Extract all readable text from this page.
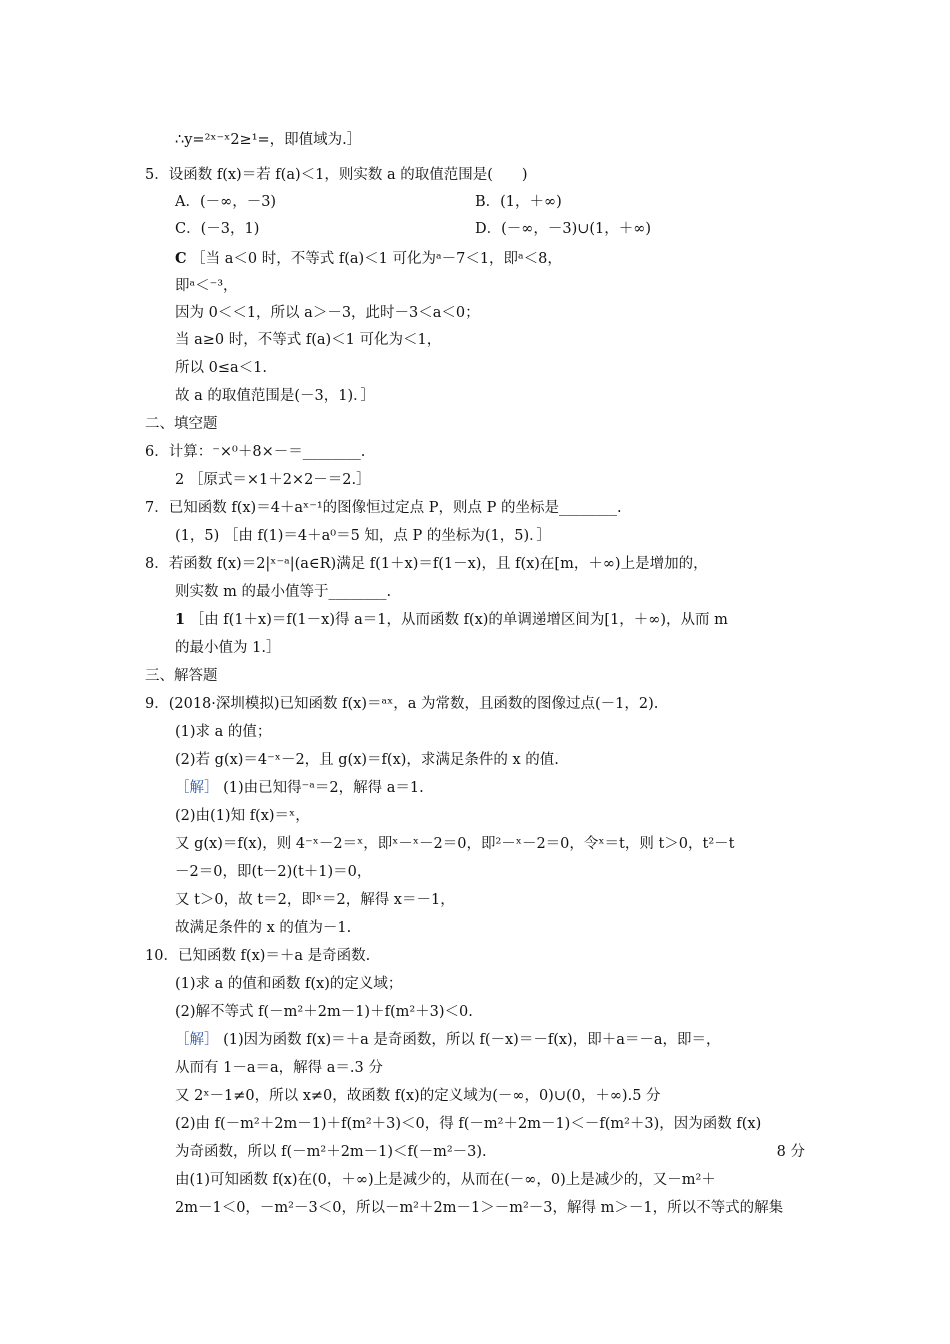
∴y=²ˣ⁻ˣ2≥¹=，即值域为.］
5．设函数 f(x)＝若 f(a)＜1，则实数 a 的取值范围是(　　)
A．(－∞，－3)	B．(1，＋∞)
C．(－3，1)	D．(－∞，－3)∪(1，＋∞)
C ［当 a＜0 时，不等式 f(a)＜1 可化为ᵃ－7＜1，即ᵃ＜8，
即ᵃ＜⁻³，
因为 0＜＜1，所以 a＞－3，此时－3＜a＜0；
当 a≥0 时，不等式 f(a)＜1 可化为＜1，
所以 0≤a＜1.
故 a 的取值范围是(－3，1)．］
二、填空题
6．计算：⁻×⁰＋8×－＝________.
2 ［原式＝×1＋2×2－＝2.］
7．已知函数 f(x)＝4＋aˣ⁻¹的图像恒过定点 P，则点 P 的坐标是________.
(1，5) ［由 f(1)＝4＋a⁰＝5 知，点 P 的坐标为(1，5)．］
8．若函数 f(x)＝2|ˣ⁻ᵃ|(a∈R)满足 f(1＋x)＝f(1－x)，且 f(x)在[m，＋∞)上是增加的，
则实数 m 的最小值等于________.
1 ［由 f(1＋x)＝f(1－x)得 a＝1，从而函数 f(x)的单调递增区间为[1，＋∞)，从而 m
的最小值为 1.］
三、解答题
9．(2018·深圳模拟)已知函数 f(x)＝ᵃˣ，a 为常数，且函数的图像过点(－1，2).
(1)求 a 的值；
(2)若 g(x)＝4⁻ˣ－2，且 g(x)＝f(x)，求满足条件的 x 的值.
［解］ (1)由已知得⁻ᵃ＝2，解得 a＝1.
(2)由(1)知 f(x)＝ˣ，
又 g(x)＝f(x)，则 4⁻ˣ－2＝ˣ，即ˣ－ˣ－2＝0，即²－ˣ－2＝0，令ˣ＝t，则 t＞0，t²－t
－2＝0，即(t－2)(t＋1)＝0，
又 t＞0，故 t＝2，即ˣ＝2，解得 x＝－1，
故满足条件的 x 的值为－1.
10．已知函数 f(x)＝＋a 是奇函数.
(1)求 a 的值和函数 f(x)的定义域；
(2)解不等式 f(－m²＋2m－1)＋f(m²＋3)＜0.
［解］ (1)因为函数 f(x)＝＋a 是奇函数，所以 f(－x)＝－f(x)，即＋a＝－a，即＝，
从而有 1－a＝a，解得 a＝.3 分
又 2ˣ－1≠0，所以 x≠0，故函数 f(x)的定义域为(－∞，0)∪(0，＋∞).5 分
(2)由 f(－m²＋2m－1)＋f(m²＋3)＜0，得 f(－m²＋2m－1)＜－f(m²＋3)，因为函数 f(x)
为奇函数，所以 f(－m²＋2m－1)＜f(－m²－3).	8 分
由(1)可知函数 f(x)在(0，＋∞)上是减少的，从而在(－∞，0)上是减少的，又－m²＋
2m－1＜0，－m²－3＜0，所以－m²＋2m－1＞－m²－3，解得 m＞－1，所以不等式的解集
